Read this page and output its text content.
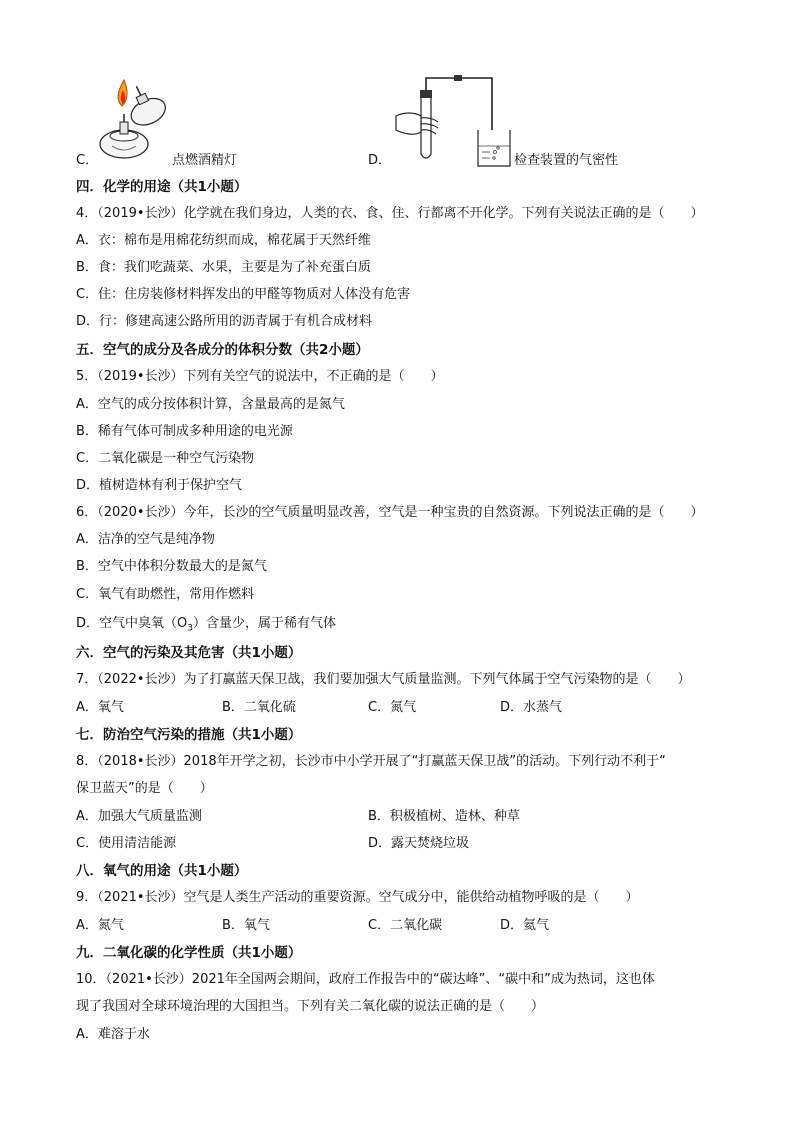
C．	点燃酒精灯	D．	检查装置的气密性
四．化学的用途（共1小题）
4．（2019•长沙）化学就在我们身边，人类的衣、食、住、行都离不开化学。下列有关说法正确的是（　　）
A．衣：棉布是用棉花纺织而成，棉花属于天然纤维
B．食：我们吃蔬菜、水果，主要是为了补充蛋白质
C．住：住房装修材料挥发出的甲醛等物质对人体没有危害
D．行：修建高速公路所用的沥青属于有机合成材料
五．空气的成分及各成分的体积分数（共2小题）
5．（2019•长沙）下列有关空气的说法中，不正确的是（　　）
A．空气的成分按体积计算，含量最高的是氮气
B．稀有气体可制成多种用途的电光源
C．二氧化碳是一种空气污染物
D．植树造林有利于保护空气
6．（2020•长沙）今年，长沙的空气质量明显改善，空气是一种宝贵的自然资源。下列说法正确的是（　　）
A．洁净的空气是纯净物
B．空气中体积分数最大的是氮气
C．氧气有助燃性，常用作燃料
D．空气中臭氧$(O_3)$含量少，属于稀有气体
六．空气的污染及其危害（共1小题）
7．（2022•长沙）为了打赢蓝天保卫战，我们要加强大气质量监测。下列气体属于空气污染物的是（　　）
A．氧气	B．二氧化硫	C．氮气	D．水蒸气
七．防治空气污染的措施（共1小题）
8．（2018•长沙）2018年开学之初，长沙市中小学开展了“打赢蓝天保卫战”的活动。下列行动不利于“
保卫蓝天”的是（　　）
A．加强大气质量监测	B．积极植树、造林、种草
C．使用清洁能源	D．露天焚烧垃圾
八．氧气的用途（共1小题）
9．（2021•长沙）空气是人类生产活动的重要资源。空气成分中，能供给动植物呼吸的是（　　）
A．氮气	B．氧气	C．二氧化碳	D．氦气
九．二氧化碳的化学性质（共1小题）
10．（2021•长沙）2021年全国两会期间，政府工作报告中的“碳达峰”、“碳中和”成为热词，这也体
现了我国对全球环境治理的大国担当。下列有关二氧化碳的说法正确的是（　　）
A．难溶于水
